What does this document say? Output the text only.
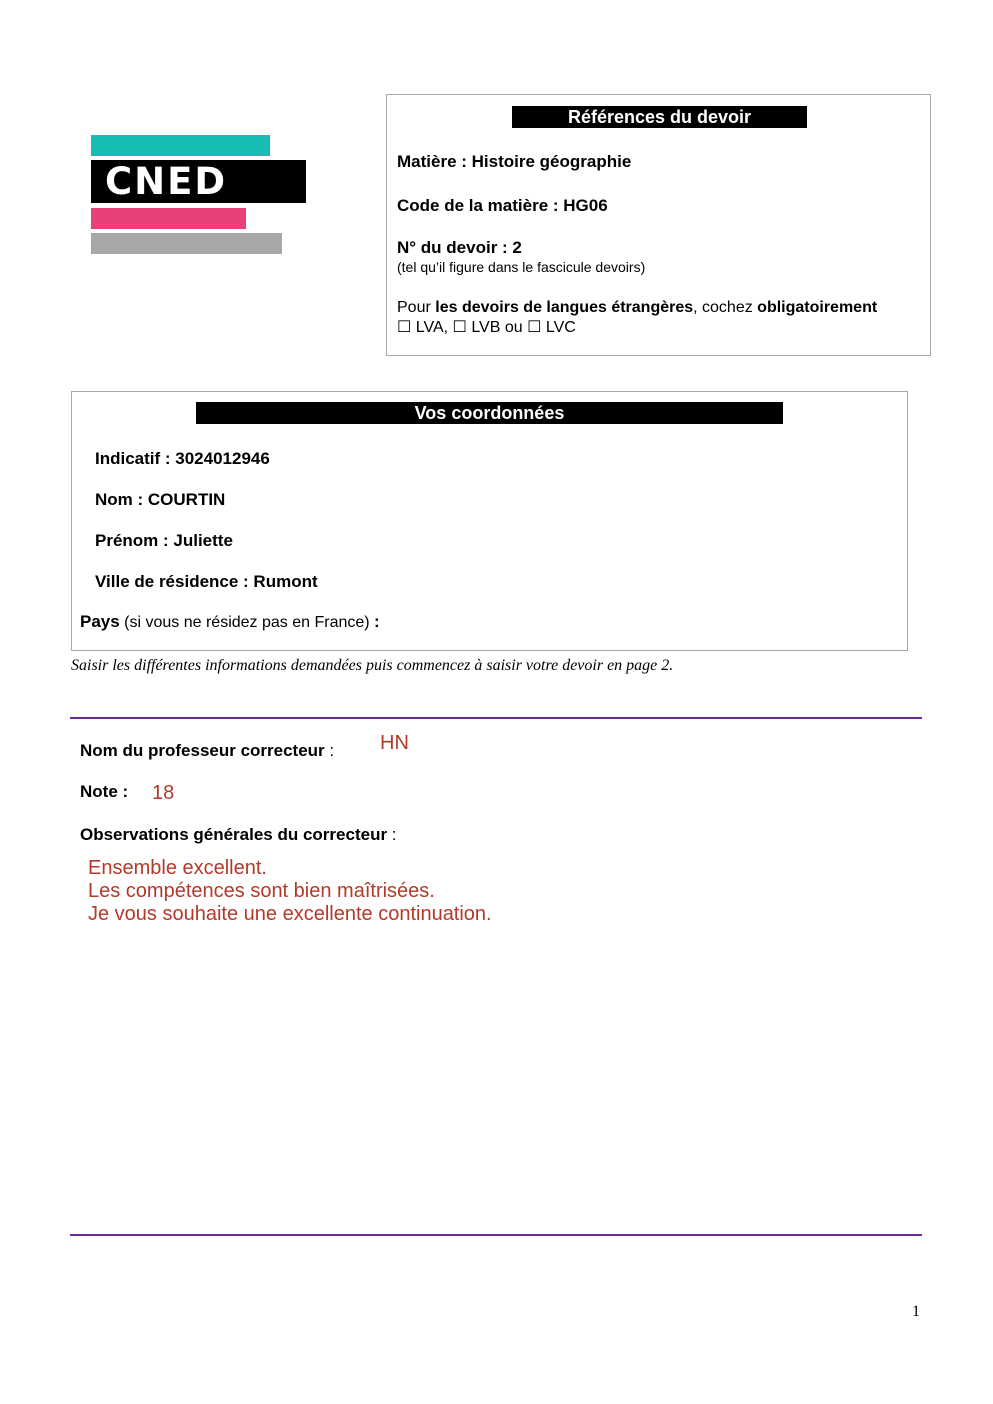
CNED
Références du devoir
Matière : Histoire géographie
Code de la matière : HG06
N° du devoir : 2
(tel qu’il figure dans le fascicule devoirs)
Pour les devoirs de langues étrangères, cochez obligatoirement
☐ LVA, ☐ LVB ou ☐ LVC
Vos coordonnées
Indicatif : 3024012946
Nom : COURTIN
Prénom : Juliette
Ville de résidence : Rumont
Pays (si vous ne résidez pas en France) :
Saisir les différentes informations demandées puis commencez à saisir votre devoir en page 2.
Nom du professeur correcteur : HN
Note : 18
Observations générales du correcteur :
Ensemble excellent.
Les compétences sont bien maîtrisées.
Je vous souhaite une excellente continuation.
1
